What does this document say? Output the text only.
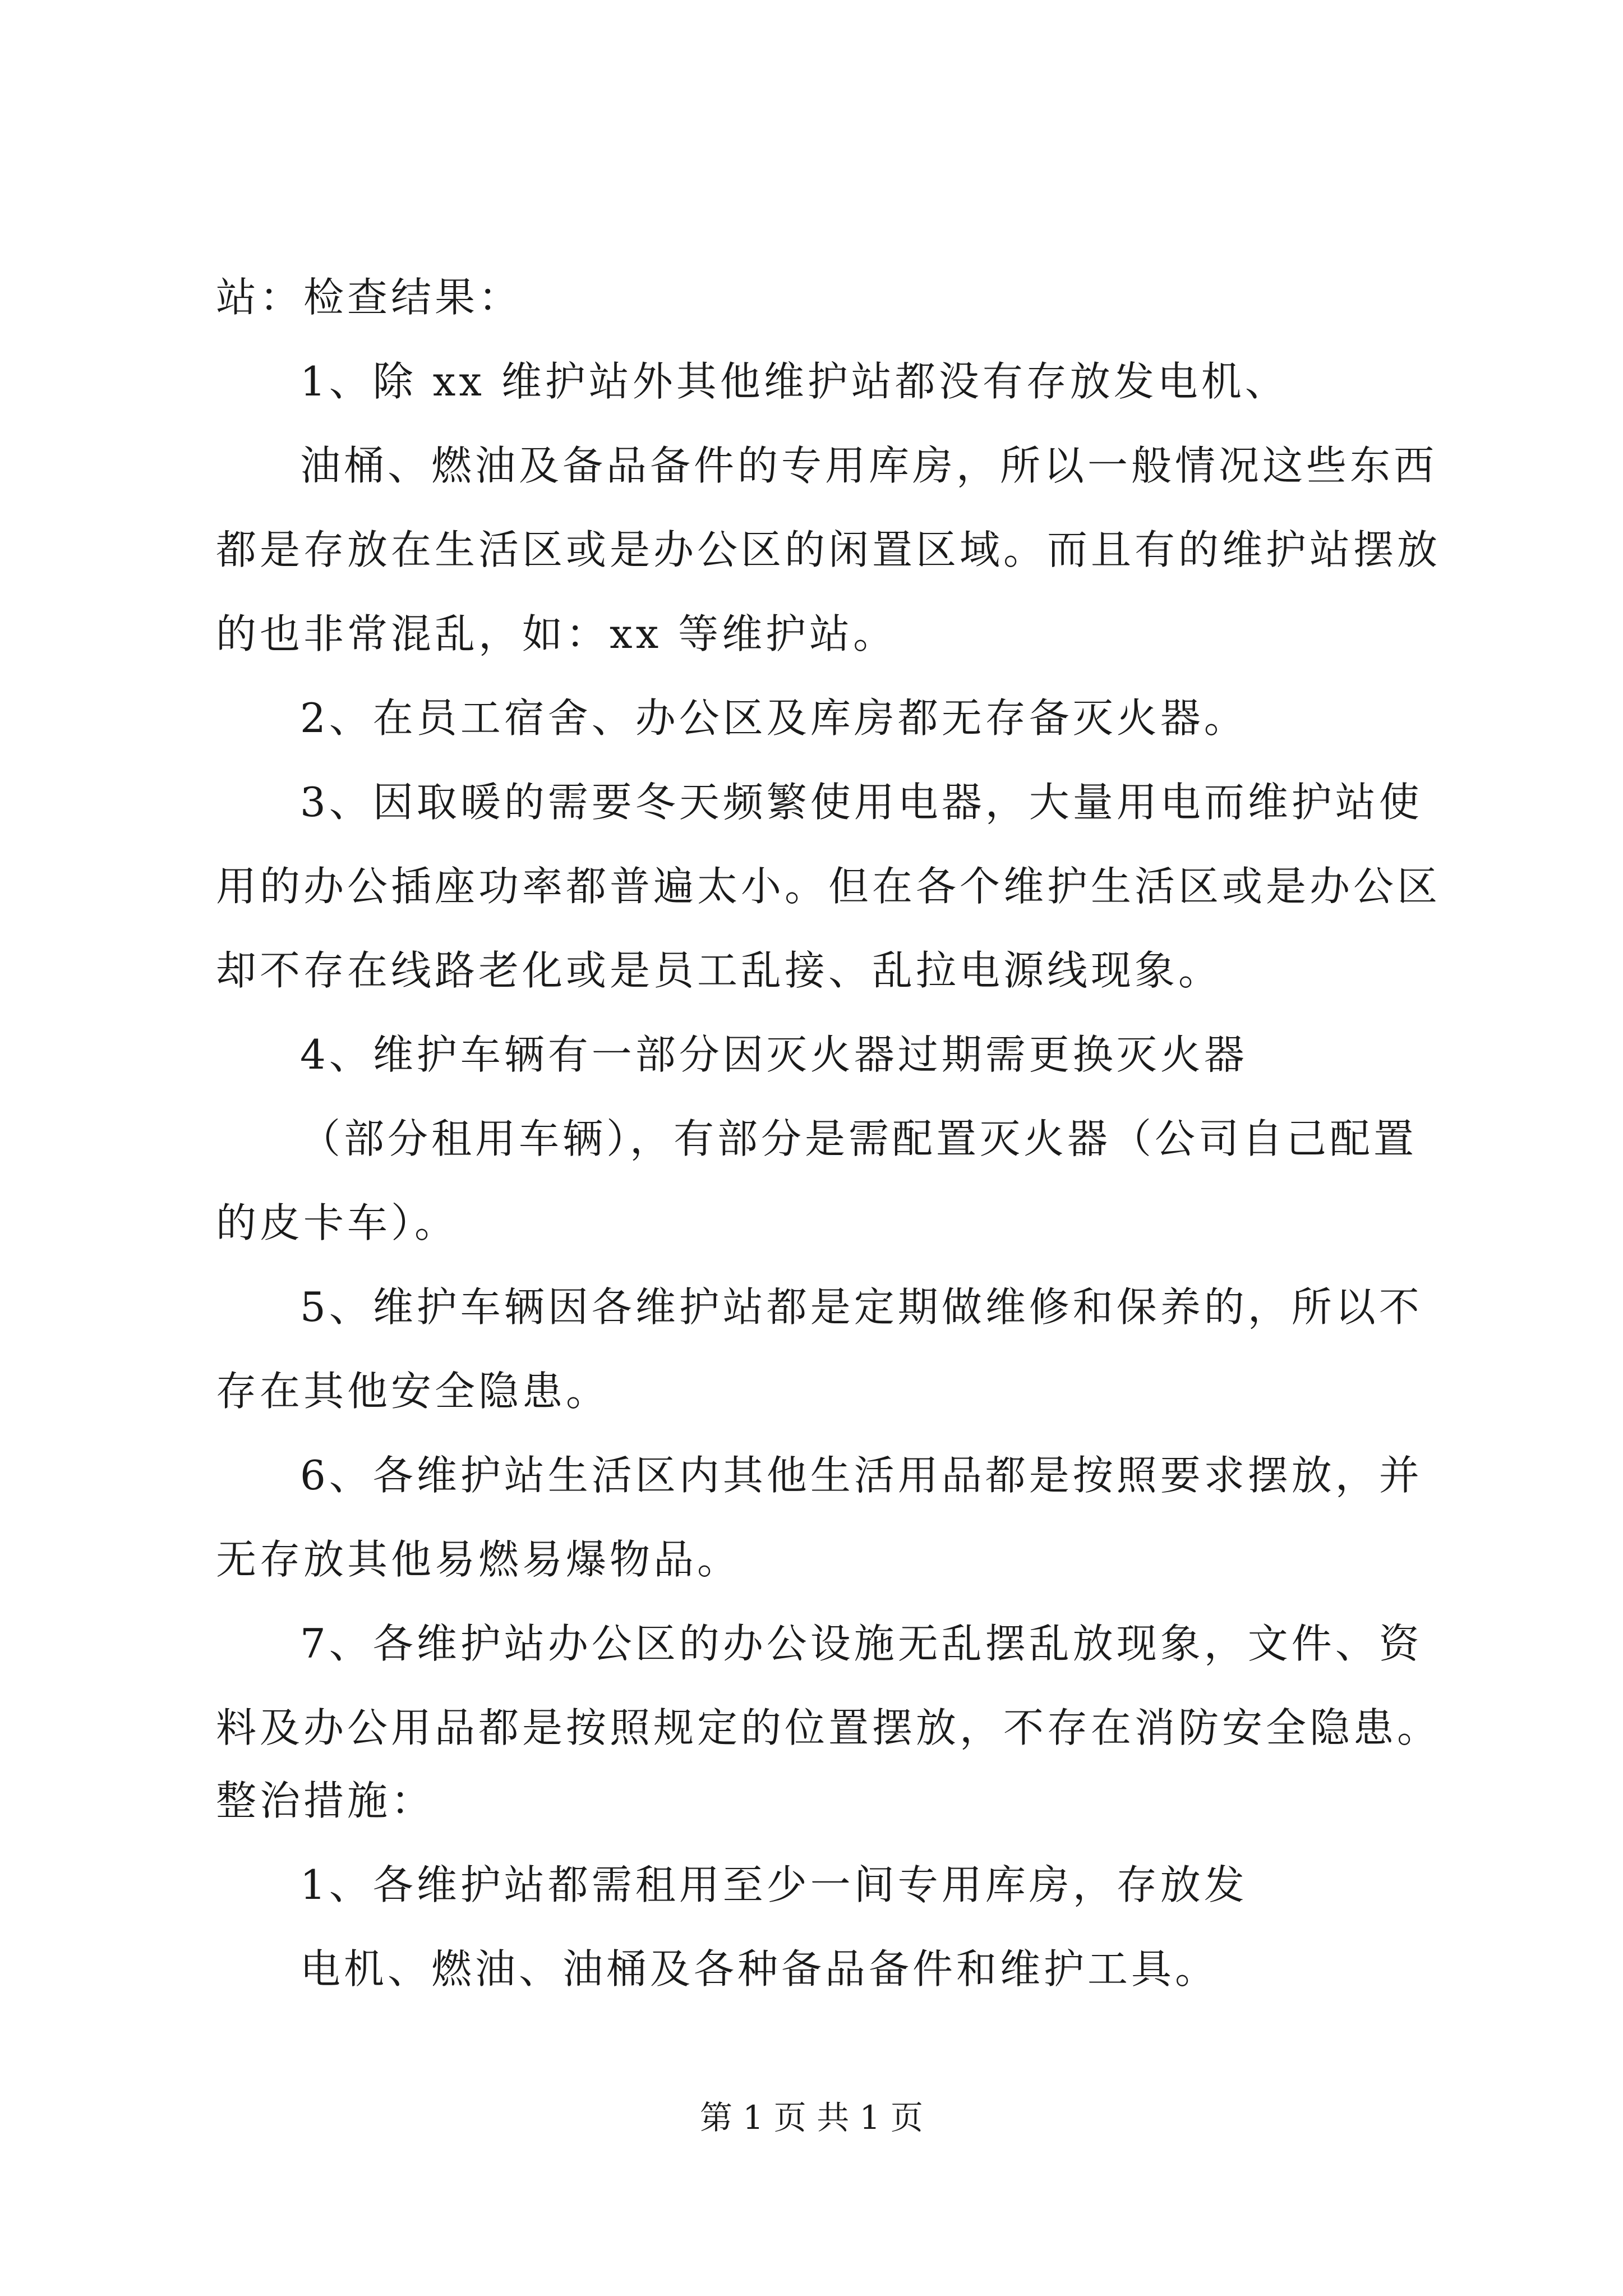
站：检查结果：
1、除 xx 维护站外其他维护站都没有存放发电机、
油桶、燃油及备品备件的专用库房，所以一般情况这些东西
都是存放在生活区或是办公区的闲置区域。而且有的维护站摆放
的也非常混乱，如：xx 等维护站。
2、在员工宿舍、办公区及库房都无存备灭火器。
3、因取暖的需要冬天频繁使用电器，大量用电而维护站使
用的办公插座功率都普遍太小。但在各个维护生活区或是办公区
却不存在线路老化或是员工乱接、乱拉电源线现象。
4、维护车辆有一部分因灭火器过期需更换灭火器
（部分租用车辆），有部分是需配置灭火器（公司自己配置
的皮卡车）。
5、维护车辆因各维护站都是定期做维修和保养的，所以不
存在其他安全隐患。
6、各维护站生活区内其他生活用品都是按照要求摆放，并
无存放其他易燃易爆物品。
7、各维护站办公区的办公设施无乱摆乱放现象，文件、资
料及办公用品都是按照规定的位置摆放，不存在消防安全隐患。
整治措施：
1、各维护站都需租用至少一间专用库房，存放发
电机、燃油、油桶及各种备品备件和维护工具。
第 1 页 共 1 页
